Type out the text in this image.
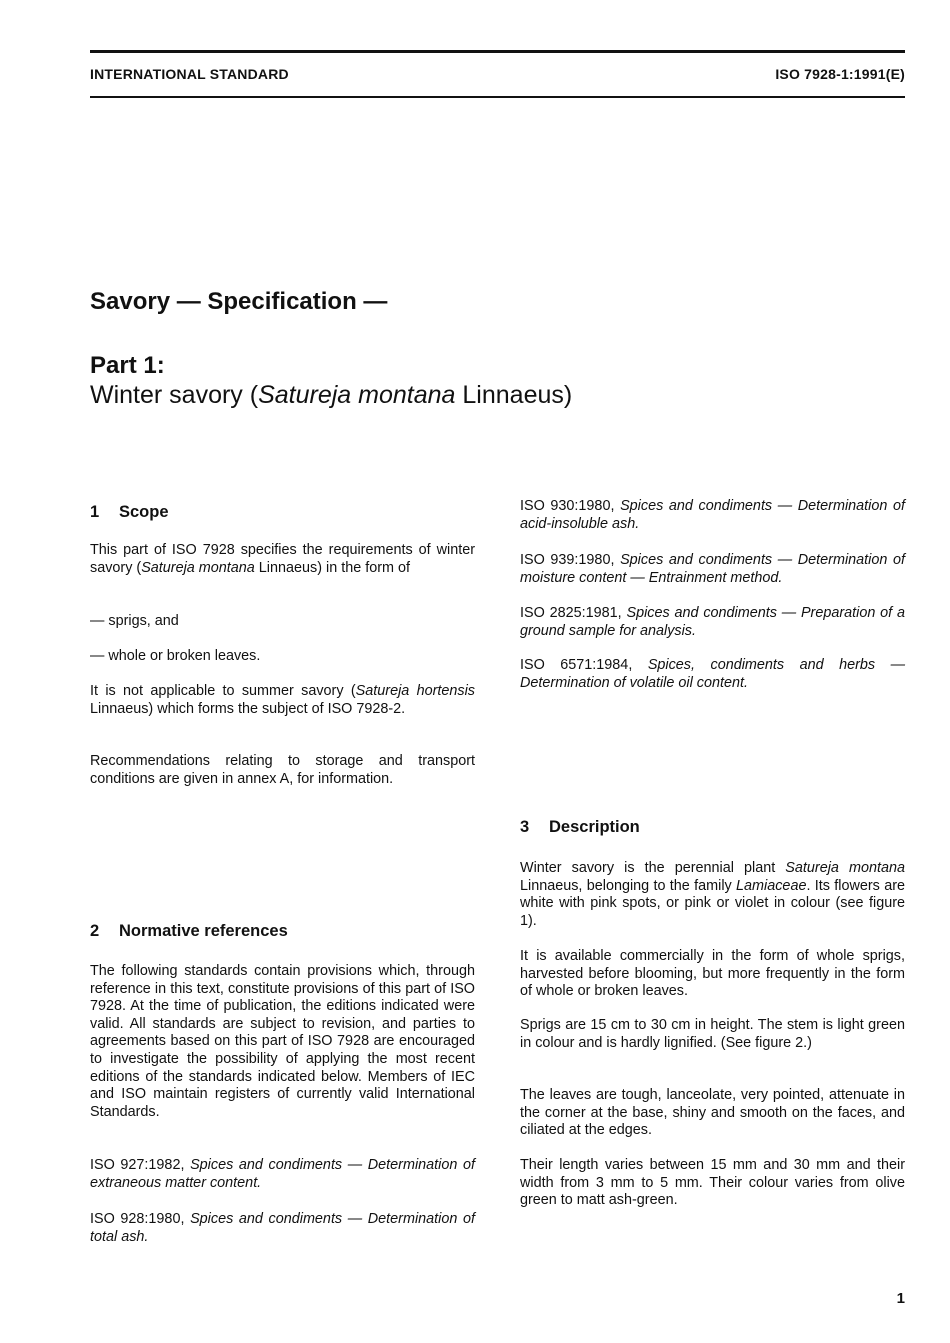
INTERNATIONAL STANDARD	ISO 7928-1:1991(E)
Savory — Specification —
Part 1:
Winter savory (Satureja montana Linnaeus)
1 Scope

This part of ISO 7928 specifies the requirements of winter savory (Satureja montana Linnaeus) in the form of

— sprigs, and

— whole or broken leaves.

It is not applicable to summer savory (Satureja hortensis Linnaeus) which forms the subject of ISO 7928-2.

Recommendations relating to storage and transport conditions are given in annex A, for information.

2 Normative references

The following standards contain provisions which, through reference in this text, constitute provisions of this part of ISO 7928. At the time of publication, the editions indicated were valid. All standards are subject to revision, and parties to agreements based on this part of ISO 7928 are encouraged to investigate the possibility of applying the most recent editions of the standards indicated below. Members of IEC and ISO maintain registers of currently valid International Standards.

ISO 927:1982, Spices and condiments — Determination of extraneous matter content.

ISO 928:1980, Spices and condiments — Determination of total ash.

ISO 930:1980, Spices and condiments — Determination of acid-insoluble ash.

ISO 939:1980, Spices and condiments — Determination of moisture content — Entrainment method.

ISO 2825:1981, Spices and condiments — Preparation of a ground sample for analysis.

ISO 6571:1984, Spices, condiments and herbs — Determination of volatile oil content.

3 Description

Winter savory is the perennial plant Satureja montana Linnaeus, belonging to the family Lamiaceae. Its flowers are white with pink spots, or pink or violet in colour (see figure 1).

It is available commercially in the form of whole sprigs, harvested before blooming, but more frequently in the form of whole or broken leaves.

Sprigs are 15 cm to 30 cm in height. The stem is light green in colour and is hardly lignified. (See figure 2.)

The leaves are tough, lanceolate, very pointed, attenuate in the corner at the base, shiny and smooth on the faces, and ciliated at the edges.

Their length varies between 15 mm and 30 mm and their width from 3 mm to 5 mm. Their colour varies from olive green to matt ash-green.

1
